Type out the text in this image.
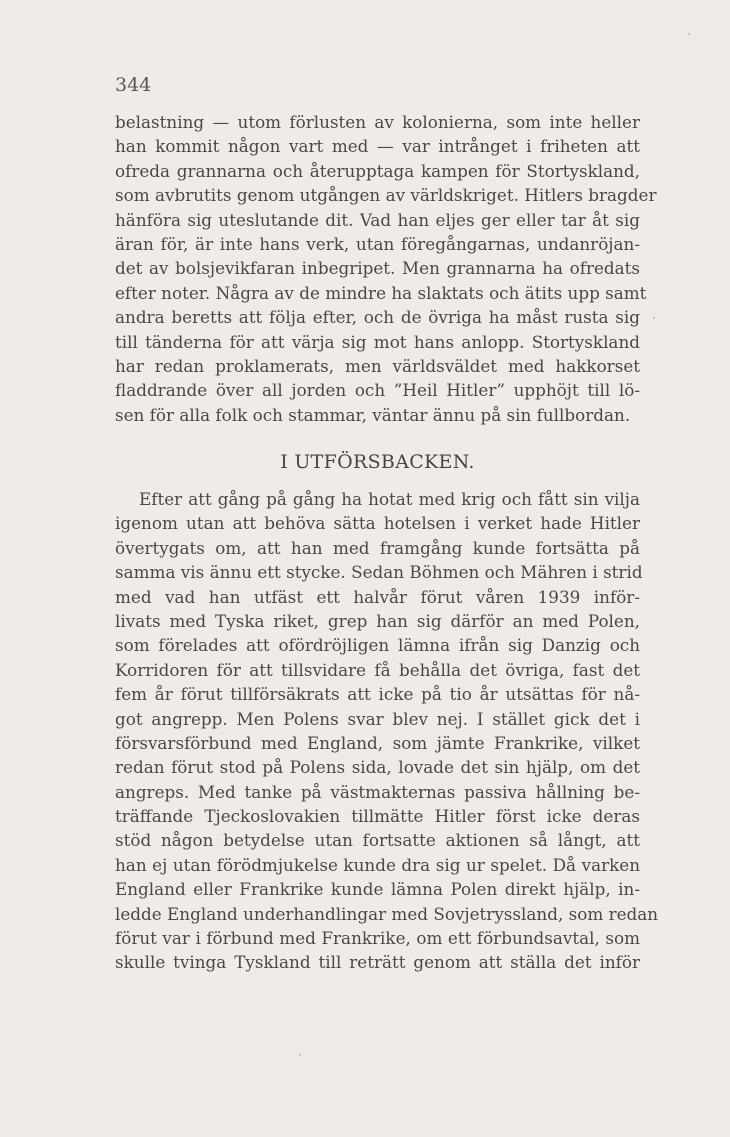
344
belastning — utom förlusten av kolonierna, som inte heller
han kommit någon vart med — var intrånget i friheten att
ofreda grannarna och återupptaga kampen för Stortyskland,
som avbrutits genom utgången av världskriget. Hitlers bragder
hänföra sig uteslutande dit. Vad han eljes ger eller tar åt sig
äran för, är inte hans verk, utan föregångarnas, undanröjan-
det av bolsjevikfaran inbegripet. Men grannarna ha ofredats
efter noter. Några av de mindre ha slaktats och ätits upp samt
andra beretts att följa efter, och de övriga ha måst rusta sig
till tänderna för att värja sig mot hans anlopp. Stortyskland
har redan proklamerats, men världsväldet med hakkorset
fladdrande över all jorden och ”Heil Hitler” upphöjt till lö-
sen för alla folk och stammar, väntar ännu på sin fullbordan.
I UTFÖRSBACKEN.
Efter att gång på gång ha hotat med krig och fått sin vilja
igenom utan att behöva sätta hotelsen i verket hade Hitler
övertygats om, att han med framgång kunde fortsätta på
samma vis ännu ett stycke. Sedan Böhmen och Mähren i strid
med vad han utfäst ett halvår förut våren 1939 inför-
livats med Tyska riket, grep han sig därför an med Polen,
som förelades att ofördröjligen lämna ifrån sig Danzig och
Korridoren för att tillsvidare få behålla det övriga, fast det
fem år förut tillförsäkrats att icke på tio år utsättas för nå-
got angrepp. Men Polens svar blev nej. I stället gick det i
försvarsförbund med England, som jämte Frankrike, vilket
redan förut stod på Polens sida, lovade det sin hjälp, om det
angreps. Med tanke på västmakternas passiva hållning be-
träffande Tjeckoslovakien tillmätte Hitler först icke deras
stöd någon betydelse utan fortsatte aktionen så långt, att
han ej utan förödmjukelse kunde dra sig ur spelet. Då varken
England eller Frankrike kunde lämna Polen direkt hjälp, in-
ledde England underhandlingar med Sovjetryssland, som redan
förut var i förbund med Frankrike, om ett förbundsavtal, som
skulle tvinga Tyskland till reträtt genom att ställa det inför
